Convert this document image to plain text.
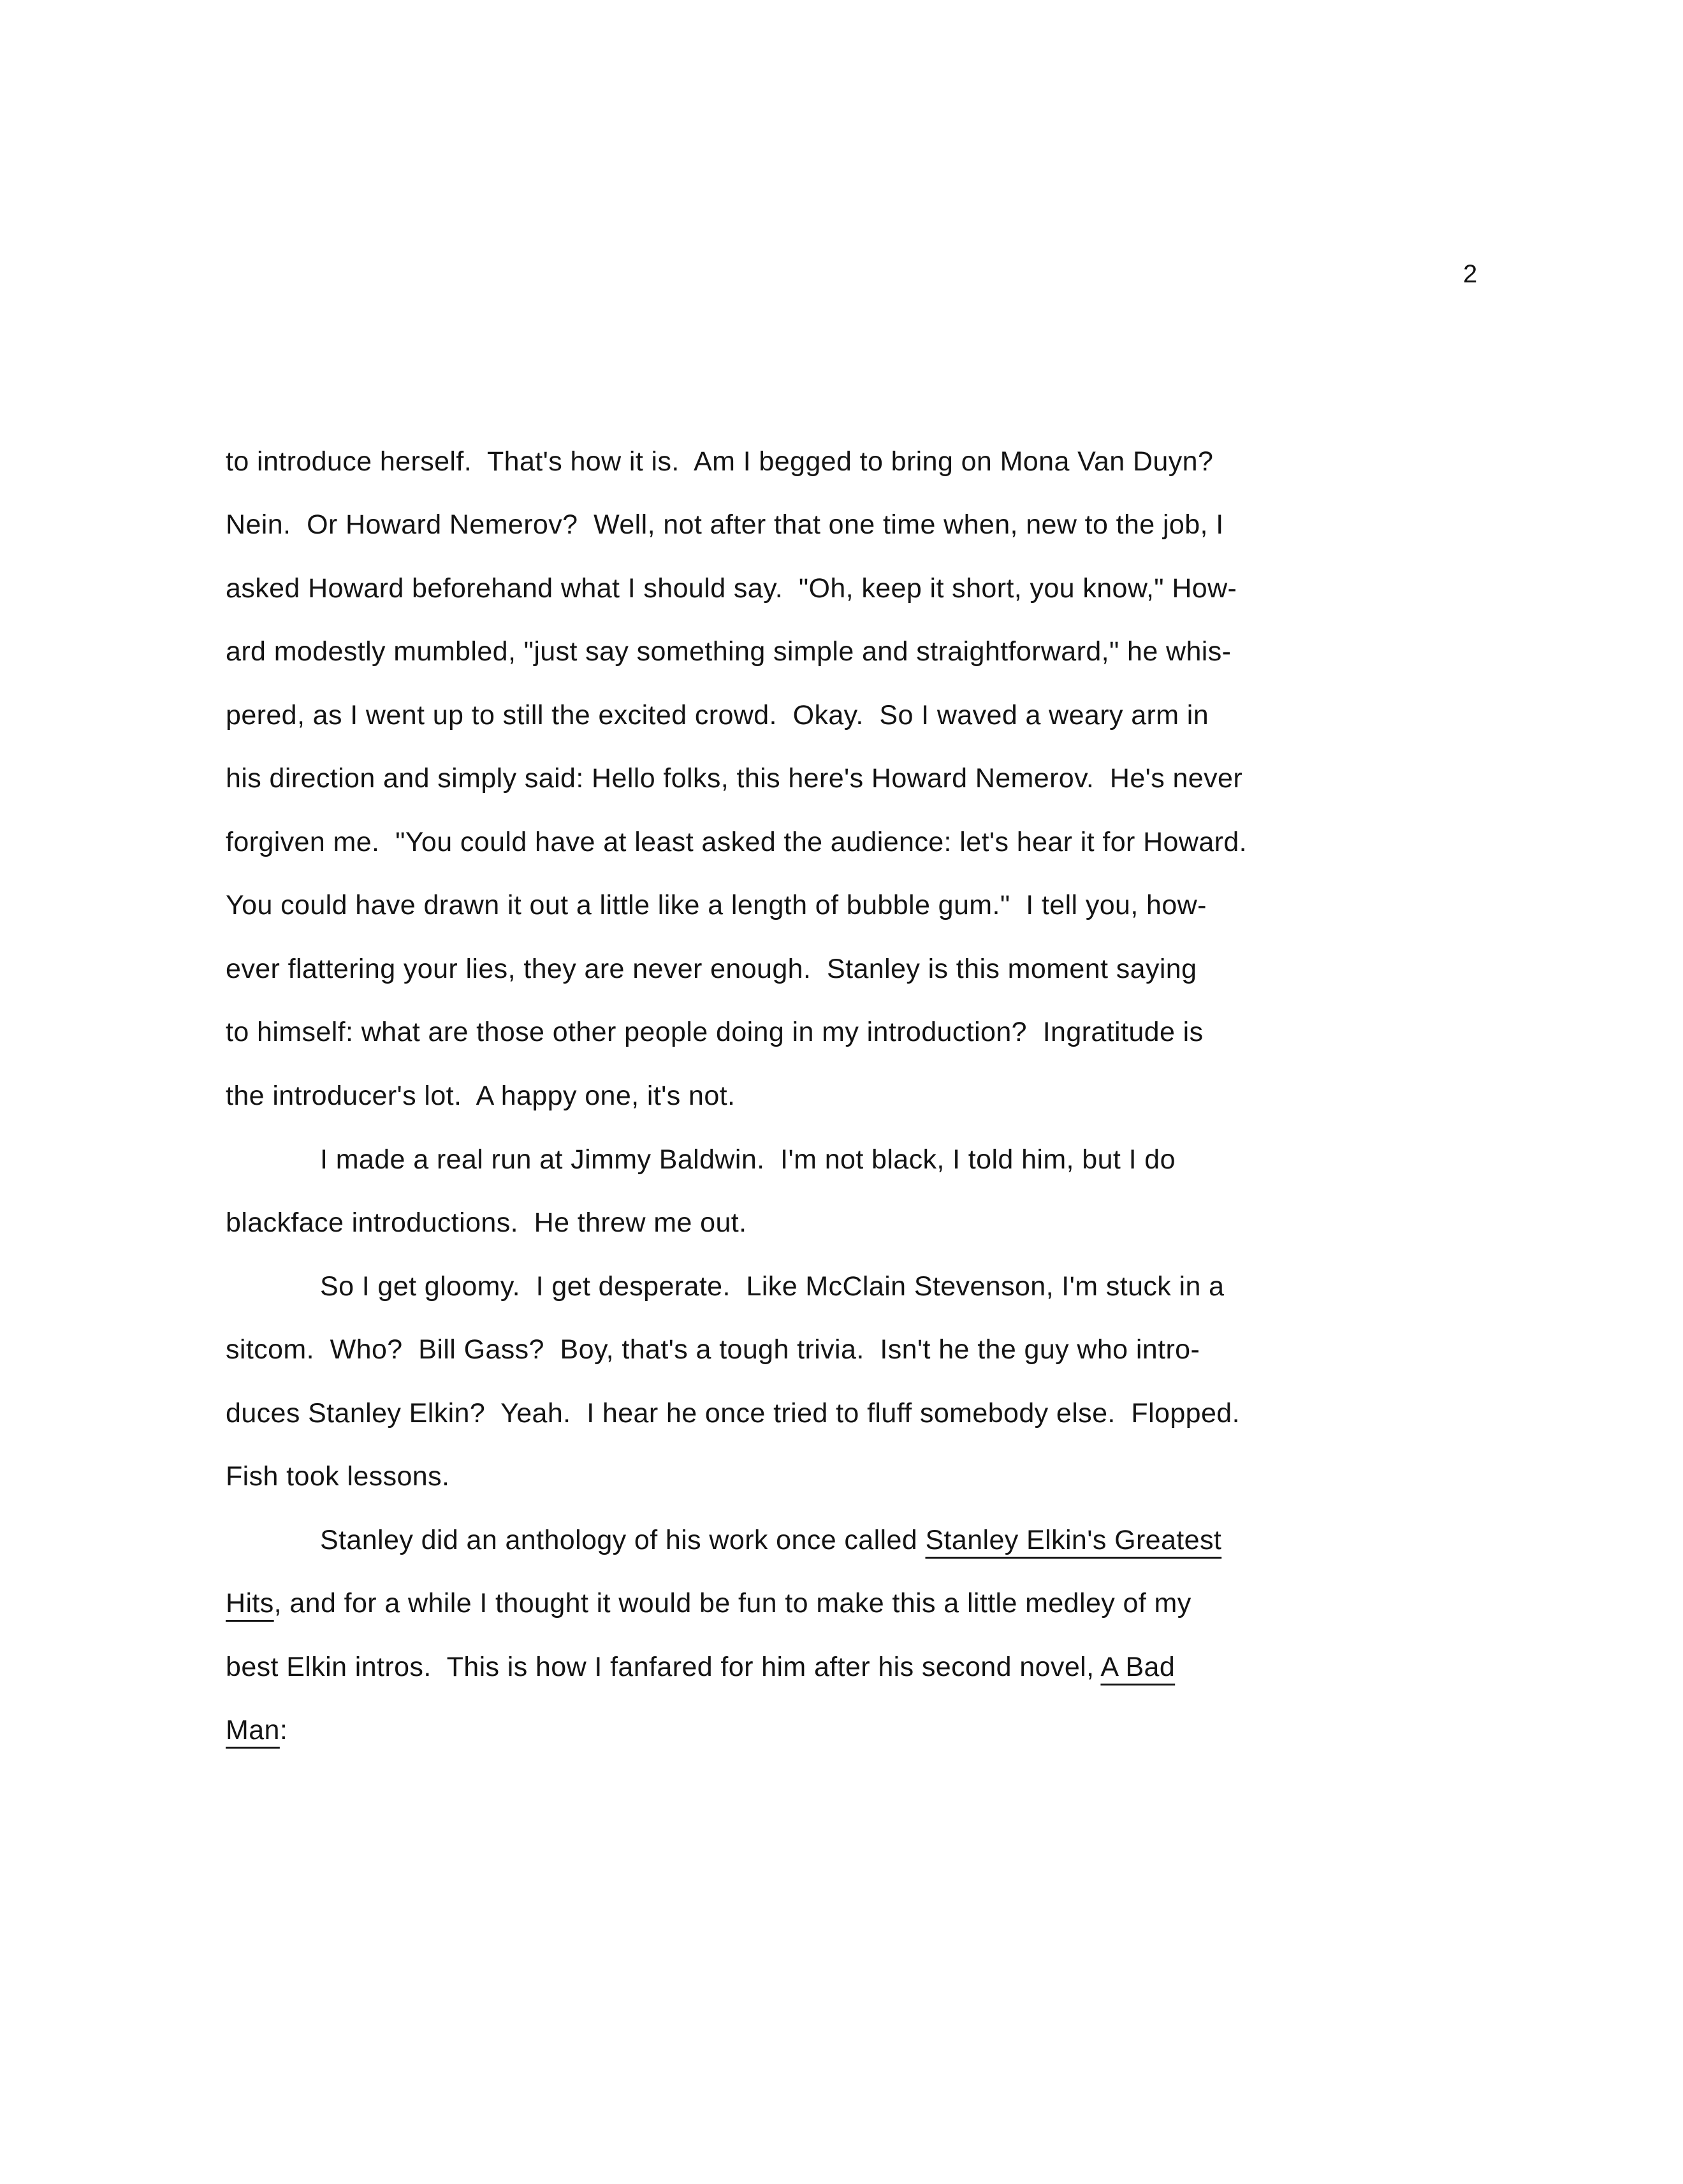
2
to introduce herself.  That's how it is.  Am I begged to bring on Mona Van Duyn?
Nein.  Or Howard Nemerov?  Well, not after that one time when, new to the job, I
asked Howard beforehand what I should say.  "Oh, keep it short, you know," How-
ard modestly mumbled, "just say something simple and straightforward," he whis-
pered, as I went up to still the excited crowd.  Okay.  So I waved a weary arm in
his direction and simply said: Hello folks, this here's Howard Nemerov.  He's never
forgiven me.  "You could have at least asked the audience: let's hear it for Howard.
You could have drawn it out a little like a length of bubble gum."  I tell you, how-
ever flattering your lies, they are never enough.  Stanley is this moment saying
to himself: what are those other people doing in my introduction?  Ingratitude is
the introducer's lot.  A happy one, it's not.
I made a real run at Jimmy Baldwin.  I'm not black, I told him, but I do
blackface introductions.  He threw me out.
So I get gloomy.  I get desperate.  Like McClain Stevenson, I'm stuck in a
sitcom.  Who?  Bill Gass?  Boy, that's a tough trivia.  Isn't he the guy who intro-
duces Stanley Elkin?  Yeah.  I hear he once tried to fluff somebody else.  Flopped.
Fish took lessons.
Stanley did an anthology of his work once called Stanley Elkin's Greatest
Hits, and for a while I thought it would be fun to make this a little medley of my
best Elkin intros.  This is how I fanfared for him after his second novel, A Bad
Man:
